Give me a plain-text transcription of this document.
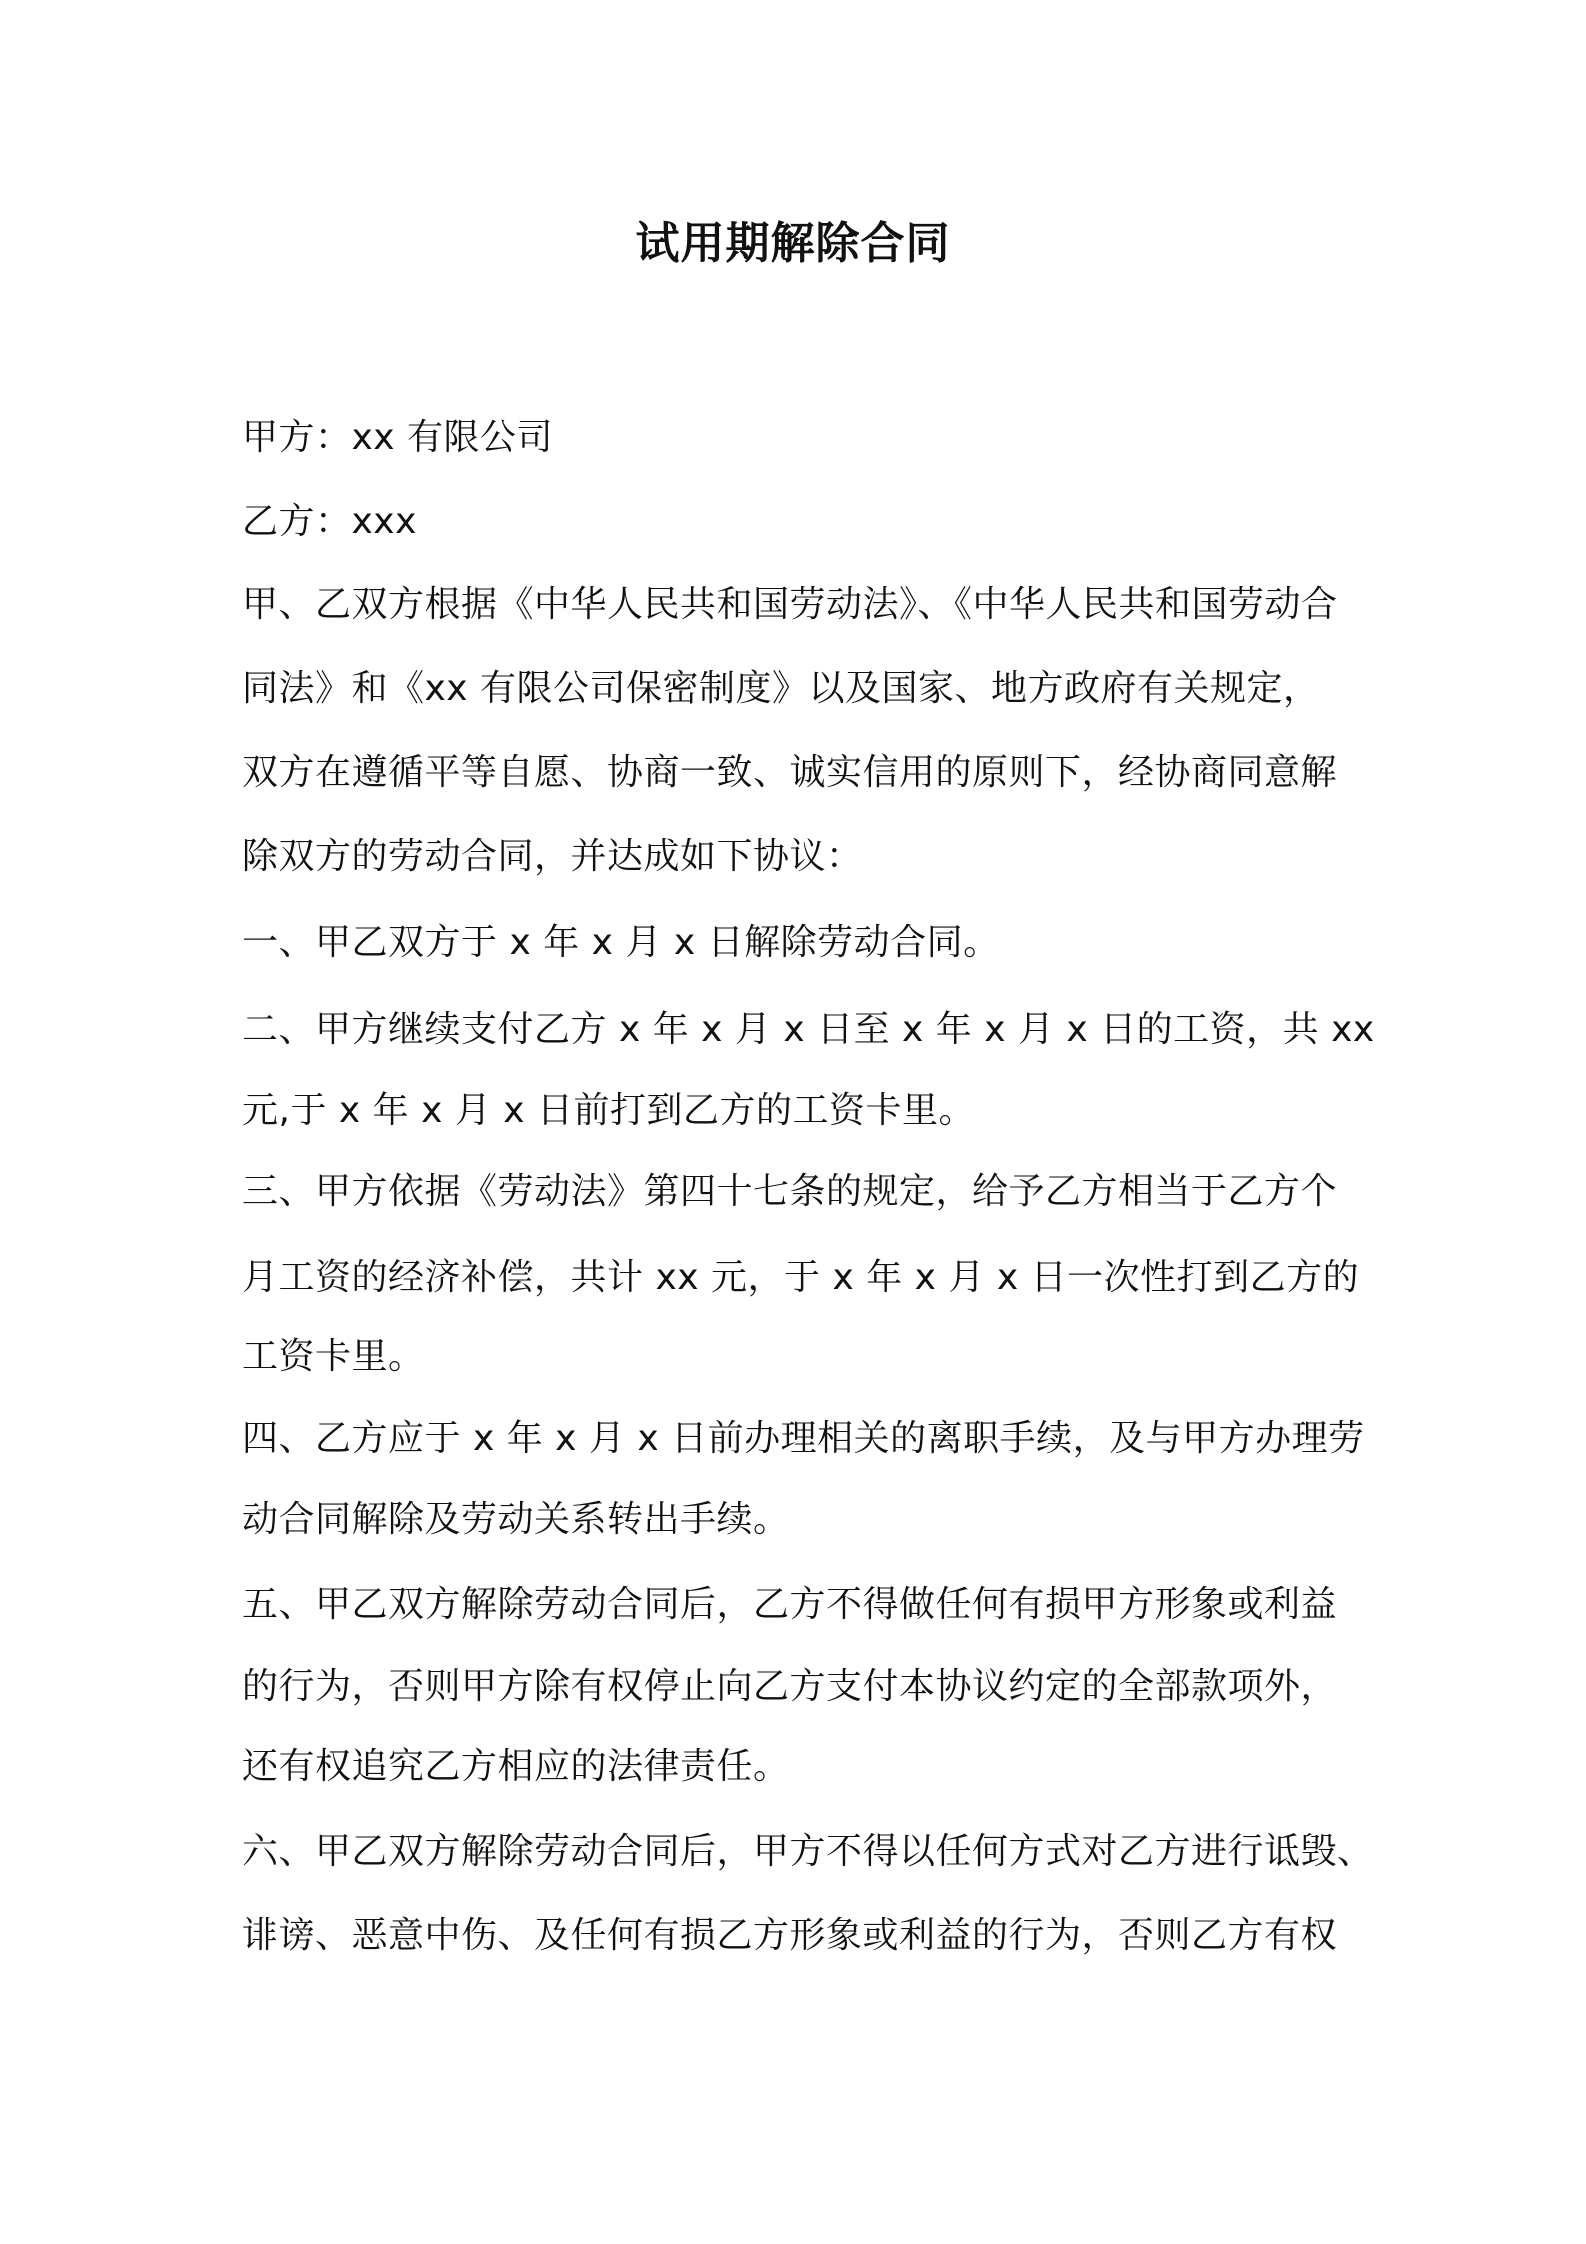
试用期解除合同
甲方：xx 有限公司
乙方：xxx
甲、乙双方根据《中华人民共和国劳动法》、《中华人民共和国劳动合
同法》和《xx 有限公司保密制度》以及国家、地方政府有关规定，
双方在遵循平等自愿、协商一致、诚实信用的原则下，经协商同意解
除双方的劳动合同，并达成如下协议：
一、甲乙双方于 x 年 x 月 x 日解除劳动合同。
二、甲方继续支付乙方 x 年 x 月 x 日至 x 年 x 月 x 日的工资，共 xx
元,于 x 年 x 月 x 日前打到乙方的工资卡里。
三、甲方依据《劳动法》第四十七条的规定，给予乙方相当于乙方个
月工资的经济补偿，共计 xx 元，于 x 年 x 月 x 日一次性打到乙方的
工资卡里。
四、乙方应于 x 年 x 月 x 日前办理相关的离职手续，及与甲方办理劳
动合同解除及劳动关系转出手续。
五、甲乙双方解除劳动合同后，乙方不得做任何有损甲方形象或利益
的行为，否则甲方除有权停止向乙方支付本协议约定的全部款项外，
还有权追究乙方相应的法律责任。
六、甲乙双方解除劳动合同后，甲方不得以任何方式对乙方进行诋毁、
诽谤、恶意中伤、及任何有损乙方形象或利益的行为，否则乙方有权
